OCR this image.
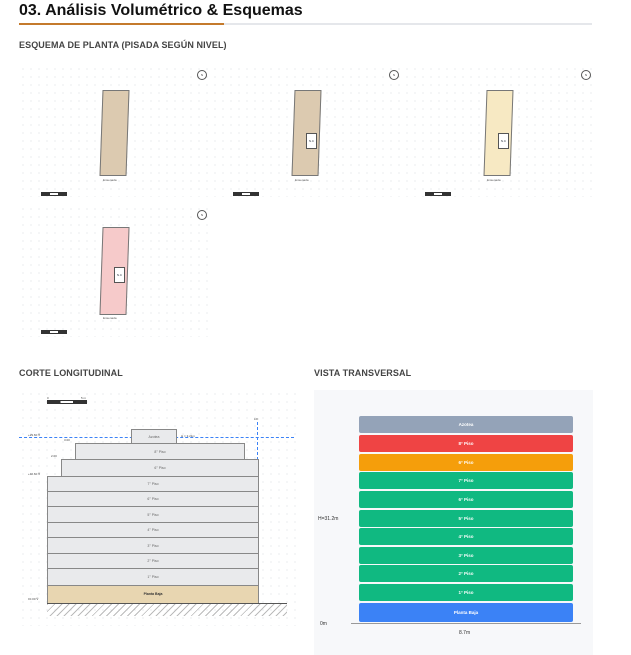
03. Análisis Volumétrico & Esquemas
ESQUEMA DE PLANTA (PISADA SEGÚN NIVEL)
N
Ensenada
N
N.C
Ensenada
N
N.C
Ensenada
N
N.C
Ensenada
CORTE LONGITUDINAL	VISTA TRANSVERSAL
0	5 m
LFI
+29.60 ∇
+32.60 ∇
±0.00 ∇
3.00
2.00
H = 3.21m
Azotea
8° Piso
6° Piso
7° Piso
6° Piso
5° Piso
4° Piso
3° Piso
2° Piso
1° Piso
Planta Baja
Azotea
8° Piso
6° Piso
7° Piso
6° Piso
5° Piso
4° Piso
3° Piso
2° Piso
1° Piso
Planta Baja
H=31.2m
0m
8.7m
